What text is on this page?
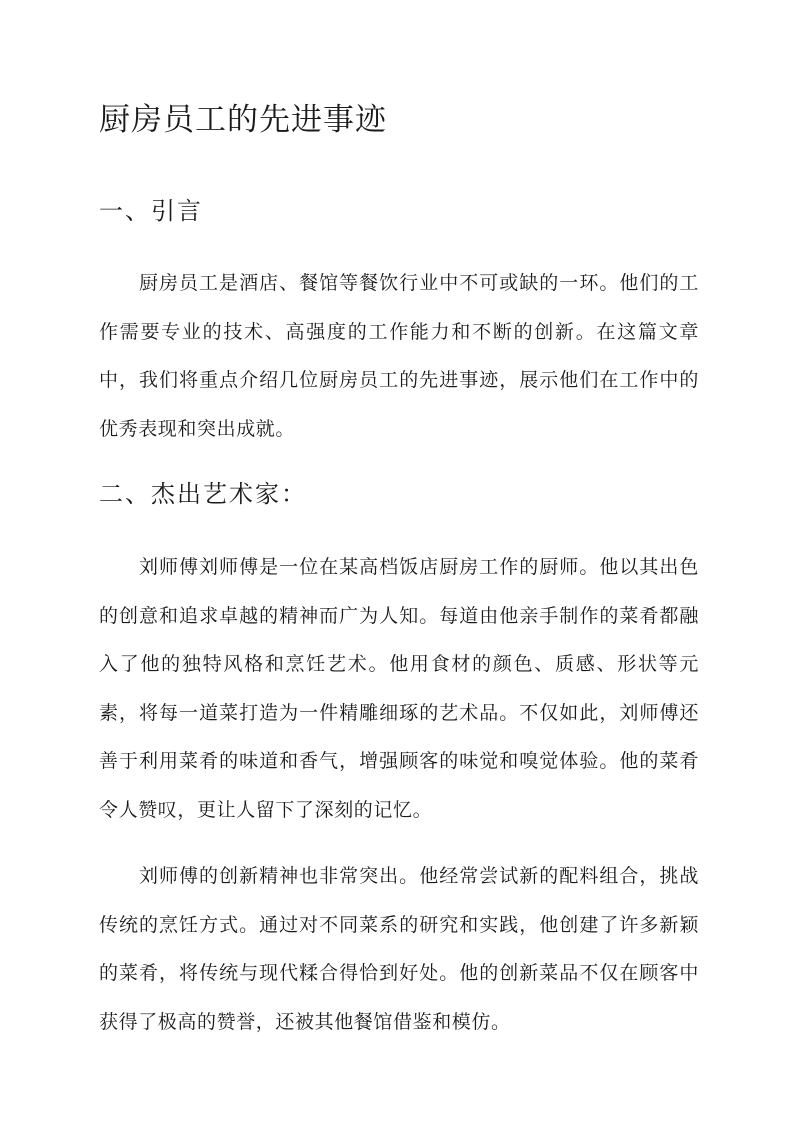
厨房员工的先进事迹
一、引言

厨房员工是酒店、餐馆等餐饮行业中不可或缺的一环。他们的工作需要专业的技术、高强度的工作能力和不断的创新。在这篇文章中，我们将重点介绍几位厨房员工的先进事迹，展示他们在工作中的优秀表现和突出成就。

二、杰出艺术家：

刘师傅刘师傅是一位在某高档饭店厨房工作的厨师。他以其出色的创意和追求卓越的精神而广为人知。每道由他亲手制作的菜肴都融入了他的独特风格和烹饪艺术。他用食材的颜色、质感、形状等元素，将每一道菜打造为一件精雕细琢的艺术品。不仅如此，刘师傅还善于利用菜肴的味道和香气，增强顾客的味觉和嗅觉体验。他的菜肴令人赞叹，更让人留下了深刻的记忆。

刘师傅的创新精神也非常突出。他经常尝试新的配料组合，挑战传统的烹饪方式。通过对不同菜系的研究和实践，他创建了许多新颖的菜肴，将传统与现代糅合得恰到好处。他的创新菜品不仅在顾客中获得了极高的赞誉，还被其他餐馆借鉴和模仿。
